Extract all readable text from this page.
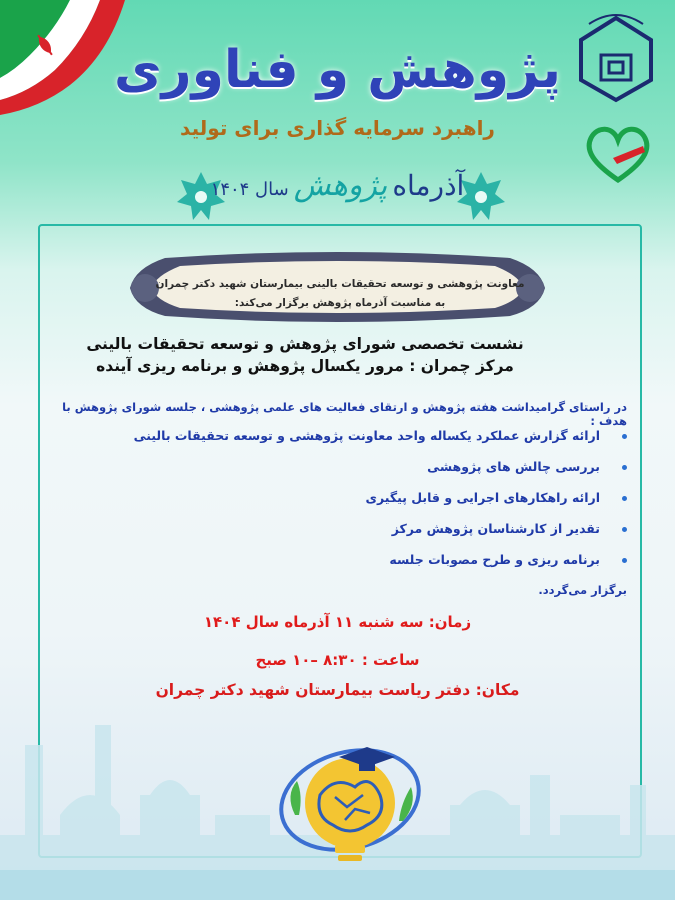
پژوهش و فناوری
راهبرد سرمایه گذاری برای تولید
آذرماه پژوهش سال ۱۴۰۴
معاونت پژوهشی و توسعه تحقیقات بالینی بیمارستان شهید دکتر چمران
به مناسبت آذرماه پژوهش برگزار می‌کند:
نشست تخصصی شورای پژوهش و توسعه تحقیقات بالینی
مرکز چمران : مرور یکسال پژوهش و برنامه ریزی آینده
در راستای گرامیداشت هفته پژوهش و ارتقای فعالیت های علمی پژوهشی ، جلسه شورای پژوهش با هدف :
ارائه گزارش عملکرد یکساله واحد معاونت پژوهشی و توسعه تحقیقات بالینی
بررسی چالش های پژوهشی
ارائه راهکارهای اجرایی و قابل پیگیری
تقدیر از کارشناسان پژوهش مرکز
برنامه ریزی و طرح مصوبات جلسه
برگزار می‌گردد.
زمان: سه شنبه ۱۱ آذرماه سال ۱۴۰۴
ساعت : ۸:۳۰ –۱۰ صبح
مکان: دفتر ریاست بیمارستان شهید دکتر چمران
